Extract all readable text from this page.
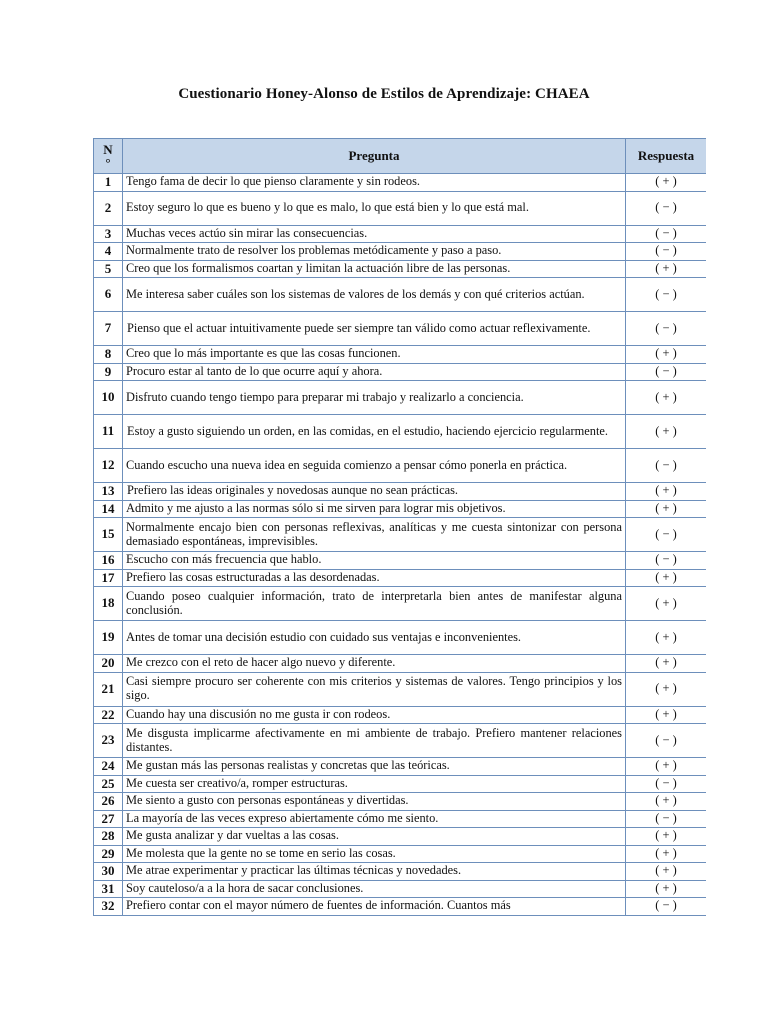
Cuestionario Honey-Alonso de Estilos de Aprendizaje: CHAEA
N
°	Pregunta	Respuesta
1	Tengo fama de decir lo que pienso claramente y sin rodeos.	( + )
2	Estoy seguro lo que es bueno y lo que es malo, lo que está bien y lo que está mal.	( − )
3	Muchas veces actúo sin mirar las consecuencias.	( − )
4	Normalmente trato de resolver los problemas metódicamente y paso a paso.	( − )
5	Creo que los formalismos coartan y limitan la actuación libre de las personas.	( + )
6	Me interesa saber cuáles son los sistemas de valores de los demás y con qué criterios actúan.	( − )
7	Pienso que el actuar intuitivamente puede ser siempre tan válido como actuar reflexivamente.	( − )
8	Creo que lo más importante es que las cosas funcionen.	( + )
9	Procuro estar al tanto de lo que ocurre aquí y ahora.	( − )
10	Disfruto cuando tengo tiempo para preparar mi trabajo y realizarlo a conciencia.	( + )
11	Estoy a gusto siguiendo un orden, en las comidas, en el estudio, haciendo ejercicio regularmente.	( + )
12	Cuando escucho una nueva idea en seguida comienzo a pensar cómo ponerla en práctica.	( − )
13	Prefiero las ideas originales y novedosas aunque no sean prácticas.	( + )
14	Admito y me ajusto a las normas sólo si me sirven para lograr mis objetivos.	( + )
15	Normalmente encajo bien con personas reflexivas, analíticas y me cuesta sintonizar con persona demasiado espontáneas, imprevisibles.	( − )
16	Escucho con más frecuencia que hablo.	( − )
17	Prefiero las cosas estructuradas a las desordenadas.	( + )
18	Cuando poseo cualquier información, trato de interpretarla bien antes de manifestar alguna conclusión.	( + )
19	Antes de tomar una decisión estudio con cuidado sus ventajas e inconvenientes.	( + )
20	Me crezco con el reto de hacer algo nuevo y diferente.	( + )
21	Casi siempre procuro ser coherente con mis criterios y sistemas de valores. Tengo principios y los sigo.	( + )
22	Cuando hay una discusión no me gusta ir con rodeos.	( + )
23	Me disgusta implicarme afectivamente en mi ambiente de trabajo. Prefiero mantener relaciones distantes.	( − )
24	Me gustan más las personas realistas y concretas que las teóricas.	( + )
25	Me cuesta ser creativo/a, romper estructuras.	( − )
26	Me siento a gusto con personas espontáneas y divertidas.	( + )
27	La mayoría de las veces expreso abiertamente cómo me siento.	( − )
28	Me gusta analizar y dar vueltas a las cosas.	( + )
29	Me molesta que la gente no se tome en serio las cosas.	( + )
30	Me atrae experimentar y practicar las últimas técnicas y novedades.	( + )
31	Soy cauteloso/a a la hora de sacar conclusiones.	( + )
32	Prefiero contar con el mayor número de fuentes de información. Cuantos más	( − )
